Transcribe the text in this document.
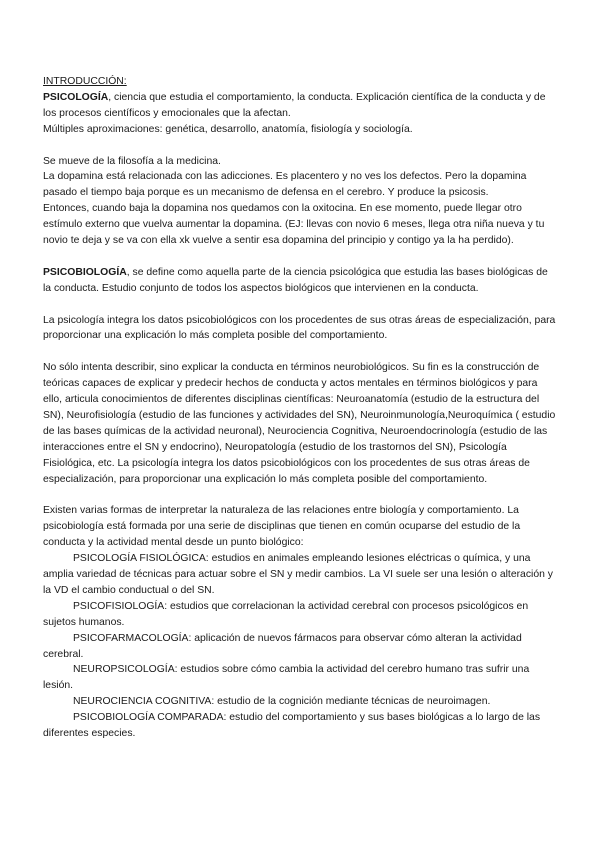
INTRODUCCIÓN:

PSICOLOGÍA, ciencia que estudia el comportamiento, la conducta. Explicación científica de la conducta y de los procesos científicos y emocionales que la afectan.

Múltiples aproximaciones: genética, desarrollo, anatomía, fisiología y sociología.

Se mueve de la filosofía a la medicina.

La dopamina está relacionada con las adicciones. Es placentero y no ves los defectos. Pero la dopamina pasado el tiempo baja porque es un mecanismo de defensa en el cerebro. Y produce la psicosis.

Entonces, cuando baja la dopamina nos quedamos con la oxitocina. En ese momento, puede llegar otro estímulo externo que vuelva aumentar la dopamina. (EJ: llevas con novio 6 meses, llega otra niña nueva y tu novio te deja y se va con ella xk vuelve a sentir esa dopamina del principio y contigo ya la ha perdido).

PSICOBIOLOGÍA, se define como aquella parte de la ciencia psicológica que estudia las bases biológicas de la conducta. Estudio conjunto de todos los aspectos biológicos que intervienen en la conducta.

La psicología integra los datos psicobiológicos con los procedentes de sus otras áreas de especialización, para proporcionar una explicación lo más completa posible del comportamiento.

No sólo intenta describir, sino explicar la conducta en términos neurobiológicos. Su fin es la construcción de teóricas capaces de explicar y predecir hechos de conducta y actos mentales en términos biológicos y para ello, articula conocimientos de diferentes disciplinas científicas: Neuroanatomía (estudio de la estructura del SN), Neurofisiología (estudio de las funciones y actividades del SN), Neuroinmunología,Neuroquímica ( estudio de las bases químicas de la actividad neuronal), Neurociencia Cognitiva, Neuroendocrinología (estudio de las interacciones entre el SN y endocrino), Neuropatología (estudio de los trastornos del SN), Psicología Fisiológica, etc. La psicología integra los datos psicobiológicos con los procedentes de sus otras áreas de especialización, para proporcionar una explicación lo más completa posible del comportamiento.

Existen varias formas de interpretar la naturaleza de las relaciones entre biología y comportamiento. La psicobiología está formada por una serie de disciplinas que tienen en común ocuparse del estudio de la conducta y la actividad mental desde un punto biológico:

PSICOLOGÍA FISIOLÓGICA: estudios en animales empleando lesiones eléctricas o química, y una amplia variedad de técnicas para actuar sobre el SN y medir cambios. La VI suele ser una lesión o alteración y la VD el cambio conductual o del SN.

PSICOFISIOLOGÍA: estudios que correlacionan la actividad cerebral con procesos psicológicos en sujetos humanos.

PSICOFARMACOLOGÍA: aplicación de nuevos fármacos para observar cómo alteran la actividad cerebral.

NEUROPSICOLOGÍA: estudios sobre cómo cambia la actividad del cerebro humano tras sufrir una lesión.

NEUROCIENCIA COGNITIVA: estudio de la cognición mediante técnicas de neuroimagen.

PSICOBIOLOGÍA COMPARADA: estudio del comportamiento y sus bases biológicas a lo largo de las diferentes especies.
